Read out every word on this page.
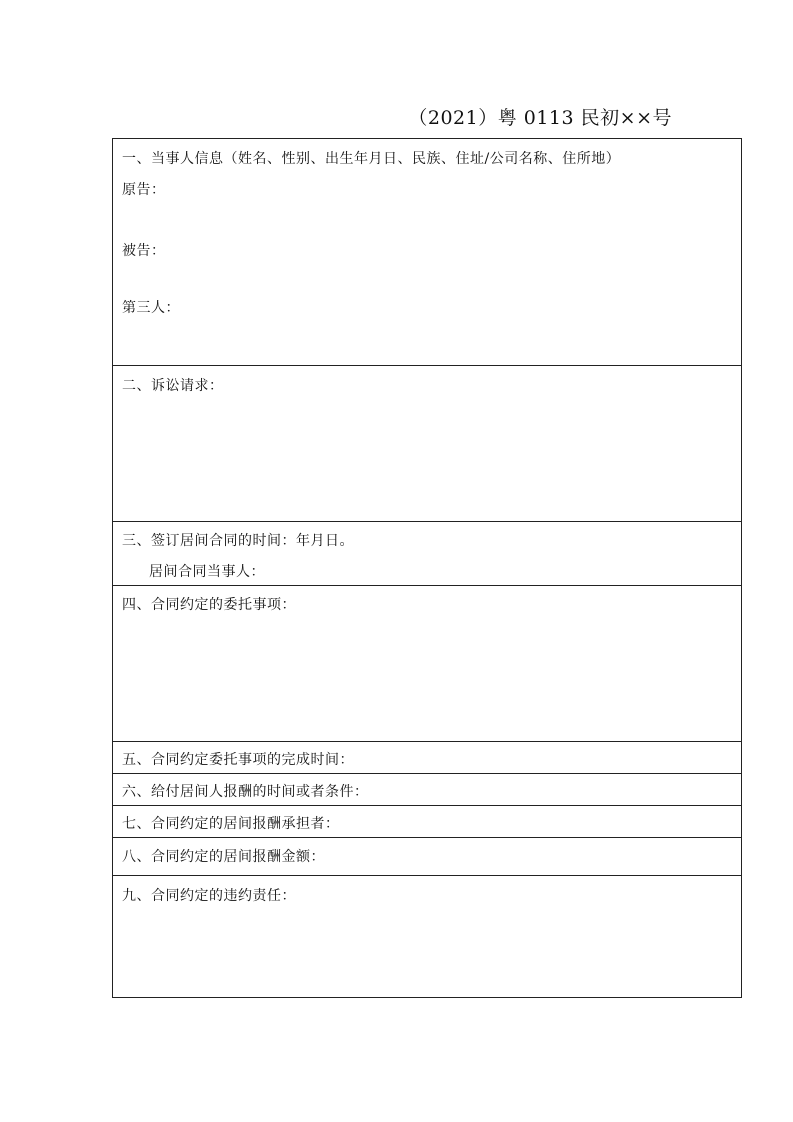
（2021）粤 0113 民初××号
一、当事人信息（姓名、性别、出生年月日、民族、住址/公司名称、住所地）
原告：
被告：
第三人：
二、诉讼请求：
三、签订居间合同的时间：年月日。
居间合同当事人：
四、合同约定的委托事项：
五、合同约定委托事项的完成时间：
六、给付居间人报酬的时间或者条件：
七、合同约定的居间报酬承担者：
八、合同约定的居间报酬金额：
九、合同约定的违约责任：
